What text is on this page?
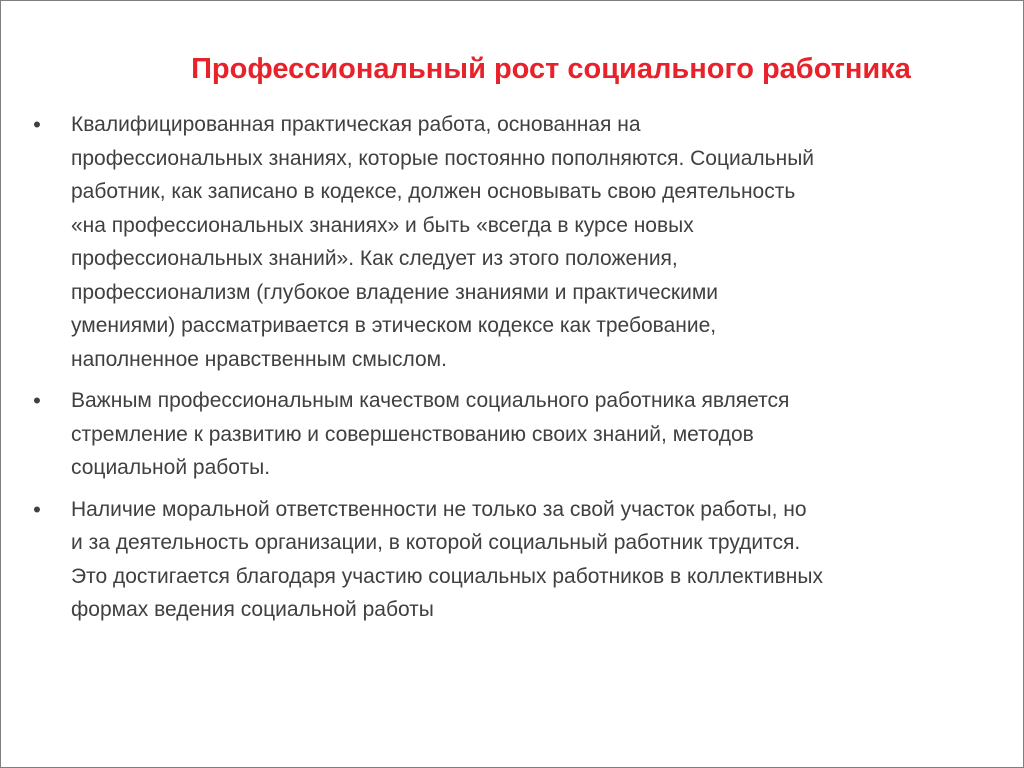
Профессиональный рост социального работника
• Квалифицированная практическая работа, основанная на
профессиональных знаниях, которые постоянно пополняются. Социальный
работник, как записано в кодексе, должен основывать свою деятельность
«на профессиональных знаниях» и быть «всегда в курсе новых
профессиональных знаний». Как следует из этого положения,
профессионализм (глубокое владение знаниями и практическими
умениями) рассматривается в этическом кодексе как требование,
наполненное нравственным смыслом.
• Важным профессиональным качеством социального работника является
стремление к развитию и совершенствованию своих знаний, методов
социальной работы.
• Наличие моральной ответственности не только за свой участок работы, но
и за деятельность организации, в которой социальный работник трудится.
Это достигается благодаря участию социальных работников в коллективных
формах ведения социальной работы
